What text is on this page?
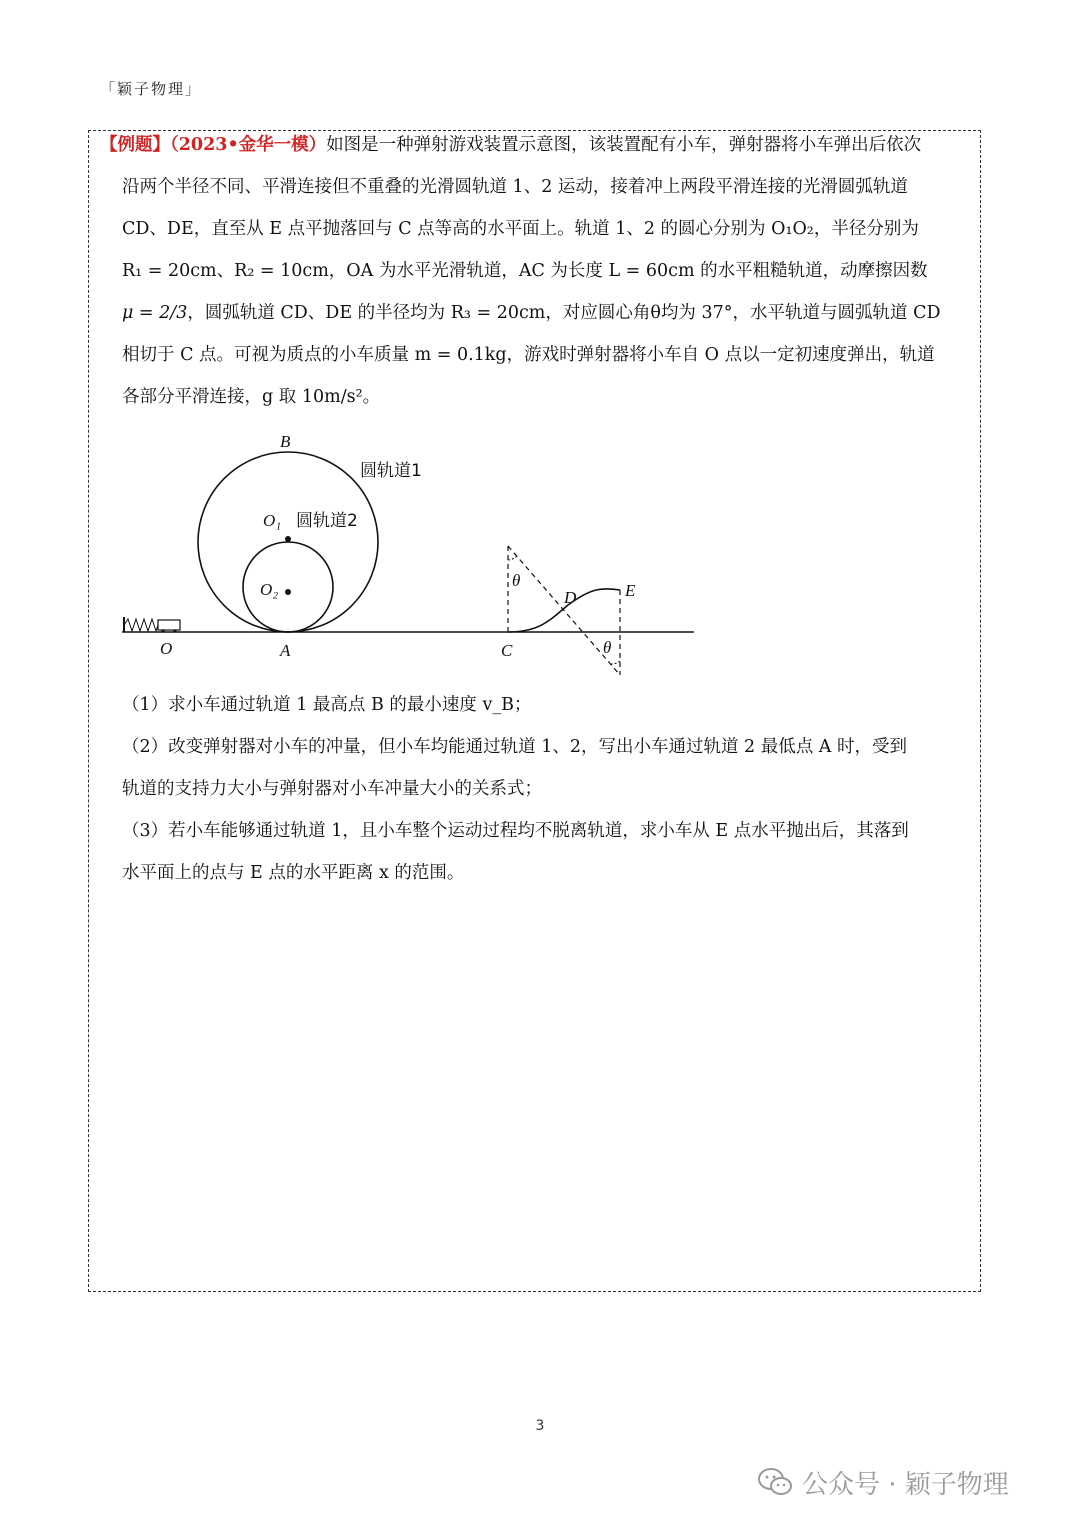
「颖子物理」
【例题】（2023•金华一模）如图是一种弹射游戏装置示意图，该装置配有小车，弹射器将小车弹出后依次
沿两个半径不同、平滑连接但不重叠的光滑圆轨道 1、2 运动，接着冲上两段平滑连接的光滑圆弧轨道
CD、DE，直至从 E 点平抛落回与 C 点等高的水平面上。轨道 1、2 的圆心分别为 O₁O₂，半径分别为
R₁ = 20cm、R₂ = 10cm，OA 为水平光滑轨道，AC 为长度 L = 60cm 的水平粗糙轨道，动摩擦因数
μ = 2/3，圆弧轨道 CD、DE 的半径均为 R₃ = 20cm，对应圆心角θ均为 37°，水平轨道与圆弧轨道 CD
相切于 C 点。可视为质点的小车质量 m = 0.1kg，游戏时弹射器将小车自 O 点以一定初速度弹出，轨道
各部分平滑连接，g 取 10m/s²。
B
O₁
O₂
O	A	C
D	E
θ
θ
圆轨道1
圆轨道2
（1）求小车通过轨道 1 最高点 B 的最小速度 v_B；
（2）改变弹射器对小车的冲量，但小车均能通过轨道 1、2，写出小车通过轨道 2 最低点 A 时，受到
轨道的支持力大小与弹射器对小车冲量大小的关系式；
（3）若小车能够通过轨道 1，且小车整个运动过程均不脱离轨道，求小车从 E 点水平抛出后，其落到
水平面上的点与 E 点的水平距离 x 的范围。
3
公众号 · 颖子物理
